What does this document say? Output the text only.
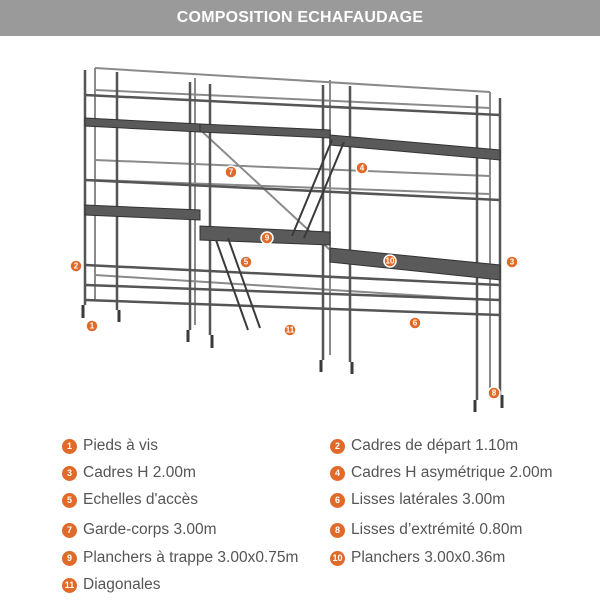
COMPOSITION ECHAFAUDAGE
1
2	3
4
5
6
7
8
9
10
11
1 Pieds à vis	2 Cadres de départ 1.10m
3 Cadres H 2.00m	4 Cadres H asymétrique 2.00m
5 Echelles d'accès	6 Lisses latérales 3.00m
7 Garde-corps 3.00m	8 Lisses d’extrémité 0.80m
9 Planchers à trappe 3.00x0.75m	10 Planchers 3.00x0.36m
11 Diagonales
